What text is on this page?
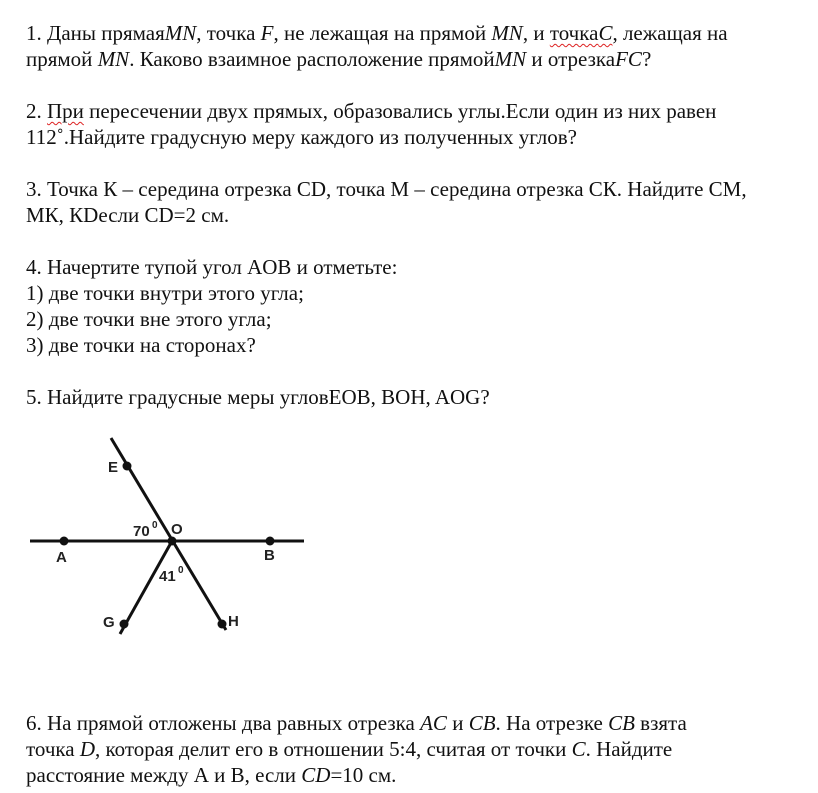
1. Даны прямаяMN, точка F, не лежащая на прямой MN, и точкаC, лежащая на
прямой MN. Каково взаимное расположение прямойMN и отрезкаFC?

2. При пересечении двух прямых, образовались углы.Если один из них равен
112˚.Найдите градусную меру каждого из полученных углов?

3. Точка К – середина отрезка CD, точка M – середина отрезка СК. Найдите СМ,
МК, КDесли CD=2 см.

4. Начертите тупой угол AOB и отметьте:
1) две точки внутри этого угла;
2) две точки вне этого угла;
3) две точки на сторонах?

5. Найдите градусные меры угловEOB, BOH, AOG?

E
O
A	B
G	H
70 0
41 0

6. На прямой отложены два равных отрезка AC и CB. На отрезке CB взята
точка D, которая делит его в отношении 5:4, считая от точки C. Найдите
расстояние между А и В, если CD=10 см.
